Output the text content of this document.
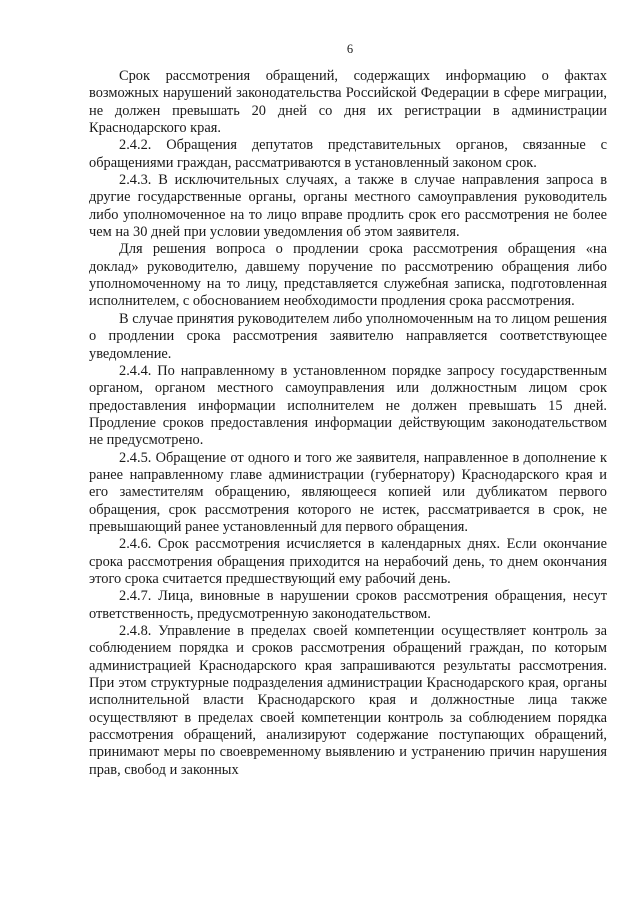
6

Срок рассмотрения обращений, содержащих информацию о фактах возможных нарушений законодательства Российской Федерации в сфере миграции, не должен превышать 20 дней со дня их регистрации в администрации Краснодарского края.

2.4.2. Обращения депутатов представительных органов, связанные с обращениями граждан, рассматриваются в установленный законом срок.

2.4.3. В исключительных случаях, а также в случае направления запроса в другие государственные органы, органы местного самоуправления руководитель либо уполномоченное на то лицо вправе продлить срок его рассмотрения не более чем на 30 дней при условии уведомления об этом заявителя.

Для решения вопроса о продлении срока рассмотрения обращения «на доклад» руководителю, давшему поручение по рассмотрению обращения либо уполномоченному на то лицу, представляется служебная записка, подготовленная исполнителем, с обоснованием необходимости продления срока рассмотрения.

В случае принятия руководителем либо уполномоченным на то лицом решения о продлении срока рассмотрения заявителю направляется соответствующее уведомление.

2.4.4. По направленному в установленном порядке запросу государственным органом, органом местного самоуправления или должностным лицом срок предоставления информации исполнителем не должен превышать 15 дней. Продление сроков предоставления информации действующим законодательством не предусмотрено.

2.4.5. Обращение от одного и того же заявителя, направленное в дополнение к ранее направленному главе администрации (губернатору) Краснодарского края и его заместителям обращению, являющееся копией или дубликатом первого обращения, срок рассмотрения которого не истек, рассматривается в срок, не превышающий ранее установленный для первого обращения.

2.4.6. Срок рассмотрения исчисляется в календарных днях. Если окончание срока рассмотрения обращения приходится на нерабочий день, то днем окончания этого срока считается предшествующий ему рабочий день.

2.4.7. Лица, виновные в нарушении сроков рассмотрения обращения, несут ответственность, предусмотренную законодательством.

2.4.8. Управление в пределах своей компетенции осуществляет контроль за соблюдением порядка и сроков рассмотрения обращений граждан, по которым администрацией Краснодарского края запрашиваются результаты рассмотрения. При этом структурные подразделения администрации Краснодарского края, органы исполнительной власти Краснодарского края и должностные лица также осуществляют в пределах своей компетенции контроль за соблюдением порядка рассмотрения обращений, анализируют содержание поступающих обращений, принимают меры по своевременному выявлению и устранению причин нарушения прав, свобод и законных
